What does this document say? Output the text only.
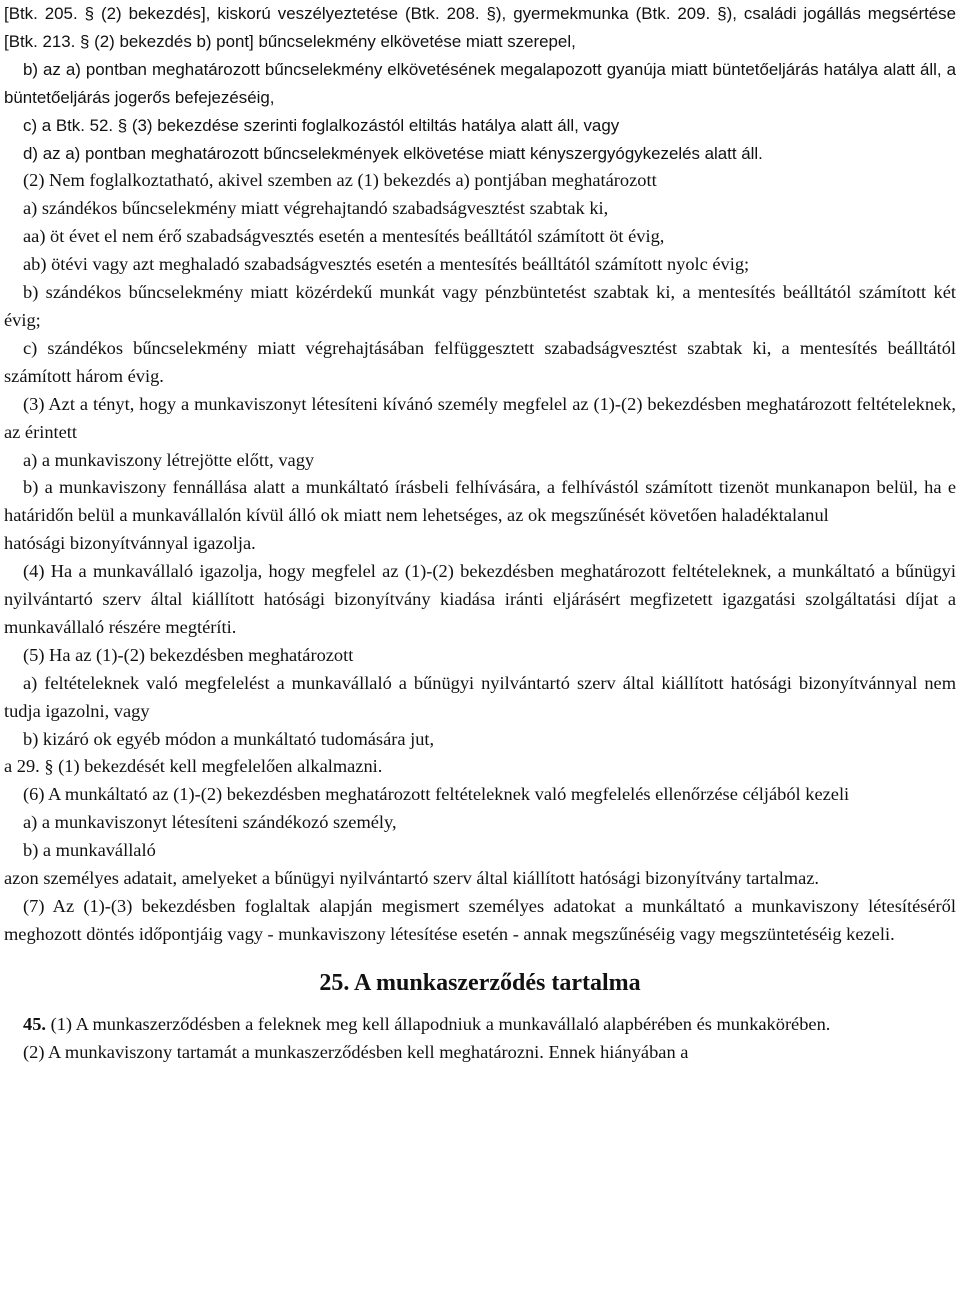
[Btk. 205. § (2) bekezdés], kiskorú veszélyeztetése (Btk. 208. §), gyermekmunka (Btk. 209. §), családi jogállás megsértése [Btk. 213. § (2) bekezdés b) pont] bűncselekmény elkövetése miatt szerepel,
b) az a) pontban meghatározott bűncselekmény elkövetésének megalapozott gyanúja miatt büntetőeljárás hatálya alatt áll, a büntetőeljárás jogerős befejezéséig,
c) a Btk. 52. § (3) bekezdése szerinti foglalkozástól eltiltás hatálya alatt áll, vagy
d) az a) pontban meghatározott bűncselekmények elkövetése miatt kényszergyógykezelés alatt áll.
(2) Nem foglalkoztatható, akivel szemben az (1) bekezdés a) pontjában meghatározott
a) szándékos bűncselekmény miatt végrehajtandó szabadságvesztést szabtak ki,
aa) öt évet el nem érő szabadságvesztés esetén a mentesítés beálltától számított öt évig,
ab) ötévi vagy azt meghaladó szabadságvesztés esetén a mentesítés beálltától számított nyolc évig;
b) szándékos bűncselekmény miatt közérdekű munkát vagy pénzbüntetést szabtak ki, a mentesítés beálltától számított két évig;
c) szándékos bűncselekmény miatt végrehajtásában felfüggesztett szabadságvesztést szabtak ki, a mentesítés beálltától számított három évig.
(3) Azt a tényt, hogy a munkaviszonyt létesíteni kívánó személy megfelel az (1)-(2) bekezdésben meghatározott feltételeknek, az érintett
a) a munkaviszony létrejötte előtt, vagy
b) a munkaviszony fennállása alatt a munkáltató írásbeli felhívására, a felhívástól számított tizenöt munkanapon belül, ha e határidőn belül a munkavállalón kívül álló ok miatt nem lehetséges, az ok megszűnését követően haladéktalanul
hatósági bizonyítvánnyal igazolja.
(4) Ha a munkavállaló igazolja, hogy megfelel az (1)-(2) bekezdésben meghatározott feltételeknek, a munkáltató a bűnügyi nyilvántartó szerv által kiállított hatósági bizonyítvány kiadása iránti eljárásért megfizetett igazgatási szolgáltatási díjat a munkavállaló részére megtéríti.
(5) Ha az (1)-(2) bekezdésben meghatározott
a) feltételeknek való megfelelést a munkavállaló a bűnügyi nyilvántartó szerv által kiállított hatósági bizonyítvánnyal nem tudja igazolni, vagy
b) kizáró ok egyéb módon a munkáltató tudomására jut,
a 29. § (1) bekezdését kell megfelelően alkalmazni.
(6) A munkáltató az (1)-(2) bekezdésben meghatározott feltételeknek való megfelelés ellenőrzése céljából kezeli
a) a munkaviszonyt létesíteni szándékozó személy,
b) a munkavállaló
azon személyes adatait, amelyeket a bűnügyi nyilvántartó szerv által kiállított hatósági bizonyítvány tartalmaz.
(7) Az (1)-(3) bekezdésben foglaltak alapján megismert személyes adatokat a munkáltató a munkaviszony létesítéséről meghozott döntés időpontjáig vagy - munkaviszony létesítése esetén - annak megszűnéséig vagy megszüntetéséig kezeli.
25. A munkaszerződés tartalma
45. (1) A munkaszerződésben a feleknek meg kell állapodniuk a munkavállaló alapbérében és munkakörében.
(2) A munkaviszony tartamát a munkaszerződésben kell meghatározni. Ennek hiányában a
